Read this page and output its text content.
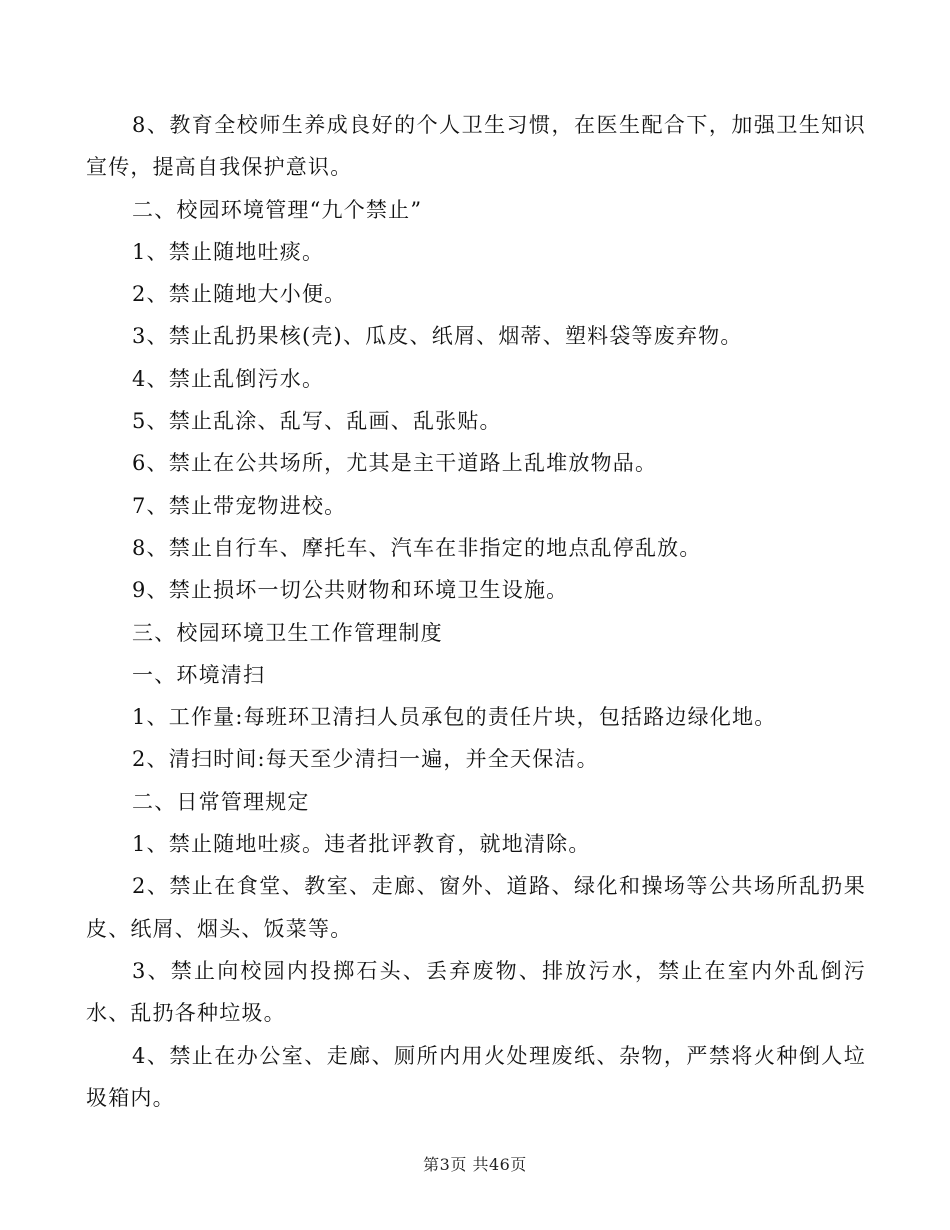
8、教育全校师生养成良好的个人卫生习惯，在医生配合下，加强卫生知识宣传，提高自我保护意识。

二、校园环境管理“九个禁止”

1、禁止随地吐痰。

2、禁止随地大小便。

3、禁止乱扔果核(壳)、瓜皮、纸屑、烟蒂、塑料袋等废弃物。

4、禁止乱倒污水。

5、禁止乱涂、乱写、乱画、乱张贴。

6、禁止在公共场所，尤其是主干道路上乱堆放物品。

7、禁止带宠物进校。

8、禁止自行车、摩托车、汽车在非指定的地点乱停乱放。

9、禁止损坏一切公共财物和环境卫生设施。

三、校园环境卫生工作管理制度

一、环境清扫

1、工作量:每班环卫清扫人员承包的责任片块，包括路边绿化地。

2、清扫时间:每天至少清扫一遍，并全天保洁。

二、日常管理规定

1、禁止随地吐痰。违者批评教育，就地清除。

2、禁止在食堂、教室、走廊、窗外、道路、绿化和操场等公共场所乱扔果皮、纸屑、烟头、饭菜等。

3、禁止向校园内投掷石头、丢弃废物、排放污水，禁止在室内外乱倒污水、乱扔各种垃圾。

4、禁止在办公室、走廊、厕所内用火处理废纸、杂物，严禁将火种倒人垃圾箱内。

第3页 共46页
